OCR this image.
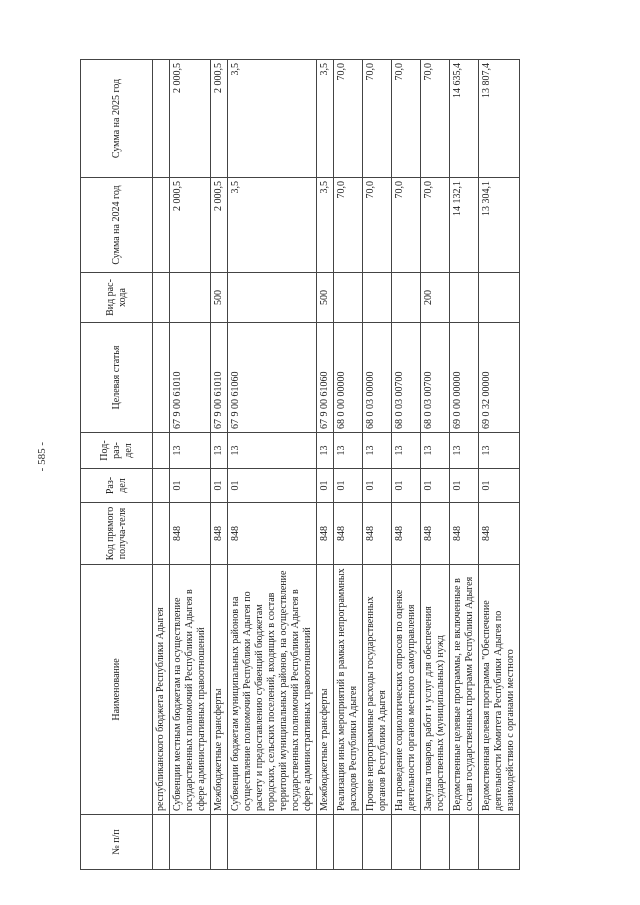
- 585 -
№ п/п	Наименование	Код прямого получа-теля	Раз-дел	Под-раз-дел	Целевая статья	Вид рас-хода	Сумма на 2024 год	Сумма на 2025 год
	республиканского бюджета Республики Адыгея							
	Субвенции местным бюджетам на осуществление государственных полномочий Республики Адыгея в сфере административных правоотношений	848	01	13	67 9 00 61010		2 000,5	2 000,5
	Межбюджетные трансферты	848	01	13	67 9 00 61010	500	2 000,5	2 000,5
	Субвенции бюджетам муниципальных районов на осуществление полномочий Республики Адыгея по расчету и предоставлению субвенций бюджетам городских, сельских поселений, входящих в состав территорий муниципальных районов, на осуществление государственных полномочий Республики Адыгея в сфере административных правоотношений	848	01	13	67 9 00 61060		3,5	3,5
	Межбюджетные трансферты	848	01	13	67 9 00 61060	500	3,5	3,5
	Реализация иных мероприятий в рамках непрограммных расходов Республики Адыгея	848	01	13	68 0 00 00000		70,0	70,0
	Прочие непрограммные расходы государственных органов Республики Адыгея	848	01	13	68 0 03 00000		70,0	70,0
	На проведение социологических опросов по оценке деятельности органов местного самоуправления	848	01	13	68 0 03 00700		70,0	70,0
	Закупка товаров, работ и услуг для обеспечения государственных (муниципальных) нужд	848	01	13	68 0 03 00700	200	70,0	70,0
	Ведомственные целевые программы, не включенные в состав государственных программ Республики Адыгея	848	01	13	69 0 00 00000		14 132,1	14 635,4
	Ведомственная целевая программа "Обеспечение деятельности Комитета Республики Адыгея по взаимодействию с органами местного	848	01	13	69 0 32 00000		13 304,1	13 807,4
